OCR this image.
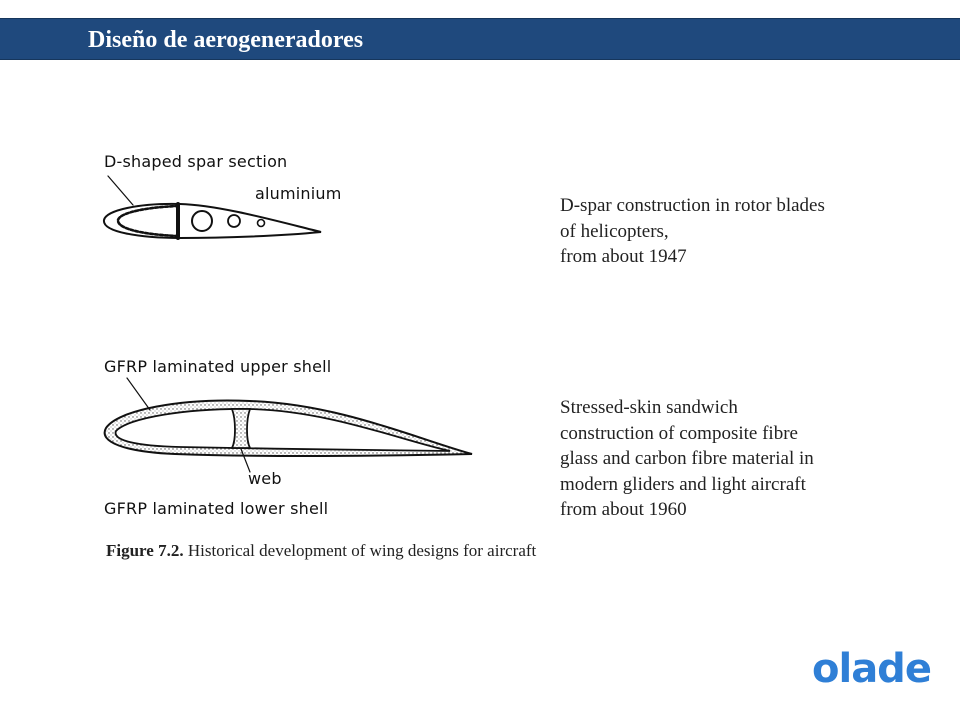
Diseño de aerogeneradores
D-shaped spar section
aluminium
GFRP laminated upper shell
web
GFRP laminated lower shell
D-spar construction in rotor blades
of helicopters,
from about 1947
Stressed-skin sandwich
construction of composite fibre
glass and carbon fibre material in
modern gliders and light aircraft
from about 1960
Figure 7.2. Historical development of wing designs for aircraft
olade
